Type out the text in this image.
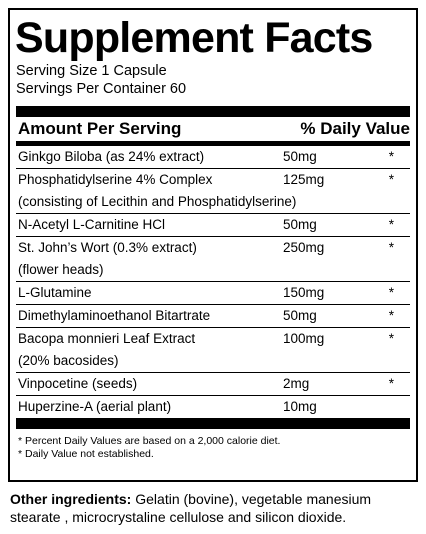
Supplement Facts
Serving Size 1 Capsule
Servings Per Container 60
Amount Per Serving	% Daily Value
Ginkgo Biloba (as 24% extract)	50mg	*
Phosphatidylserine 4% Complex
(consisting of Lecithin and Phosphatidylserine)
125mg	*
N-Acetyl L-Carnitine HCl	50mg	*
St. John’s Wort (0.3% extract)
(flower heads)
250mg	*
L-Glutamine	150mg	*
Dimethylaminoethanol Bitartrate	50mg	*
Bacopa monnieri Leaf Extract
(20% bacosides)
100mg	*
Vinpocetine (seeds)	2mg	*
Huperzine-A (aerial plant)	10mg
* Percent Daily Values are based on a 2,000 calorie diet.
* Daily Value not established.
Other ingredients: Gelatin (bovine), vegetable manesium stearate , microcrystaline cellulose and silicon dioxide.
